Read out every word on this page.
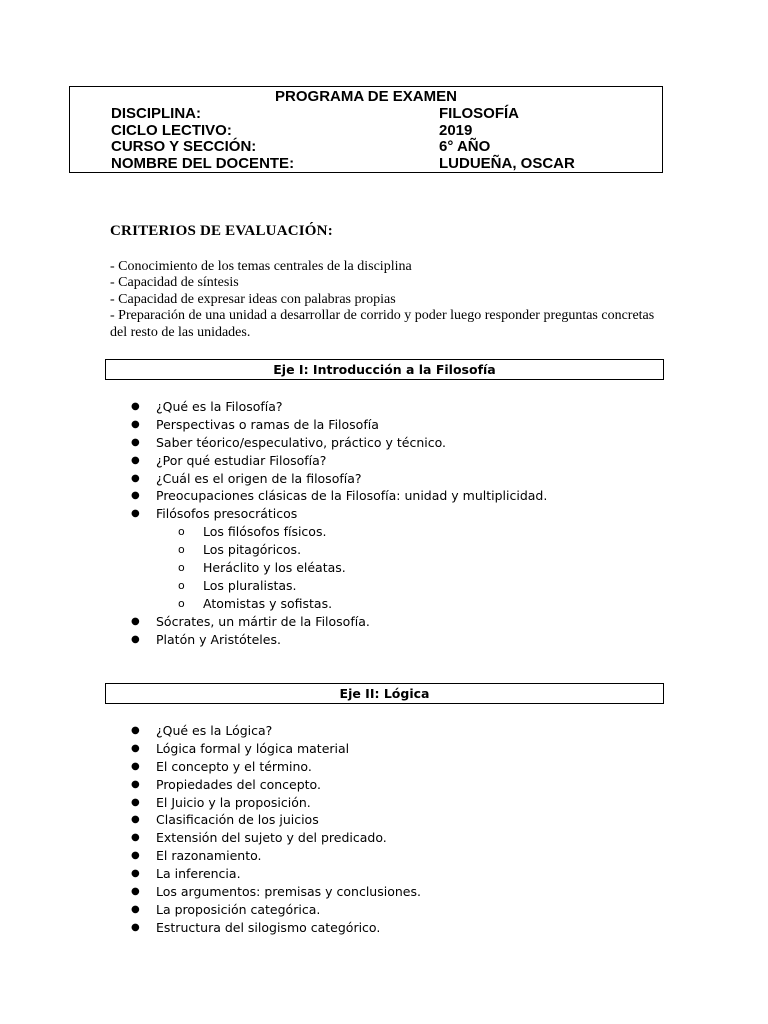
PROGRAMA DE EXAMEN
DISCIPLINA:	FILOSOFÍA
CICLO LECTIVO:	2019
CURSO Y SECCIÓN:	6° AÑO
NOMBRE DEL DOCENTE:	LUDUEÑA, OSCAR
CRITERIOS DE EVALUACIÓN:
- Conocimiento de los temas centrales de la disciplina
- Capacidad de síntesis
- Capacidad de expresar ideas con palabras propias
- Preparación de una unidad a desarrollar de corrido y poder luego responder preguntas concretas del resto de las unidades.
Eje I: Introducción a la Filosofía
● ¿Qué es la Filosofía?
● Perspectivas o ramas de la Filosofía
● Saber téorico/especulativo, práctico y técnico.
● ¿Por qué estudiar Filosofía?
● ¿Cuál es el origen de la filosofía?
● Preocupaciones clásicas de la Filosofía: unidad y multiplicidad.
● Filósofos presocráticos
o Los filósofos físicos.
o Los pitagóricos.
o Heráclito y los eléatas.
o Los pluralistas.
o Atomistas y sofistas.
● Sócrates, un mártir de la Filosofía.
● Platón y Aristóteles.
Eje II: Lógica
● ¿Qué es la Lógica?
● Lógica formal y lógica material
● El concepto y el término.
● Propiedades del concepto.
● El Juicio y la proposición.
● Clasificación de los juicios
● Extensión del sujeto y del predicado.
● El razonamiento.
● La inferencia.
● Los argumentos: premisas y conclusiones.
● La proposición categórica.
● Estructura del silogismo categórico.
